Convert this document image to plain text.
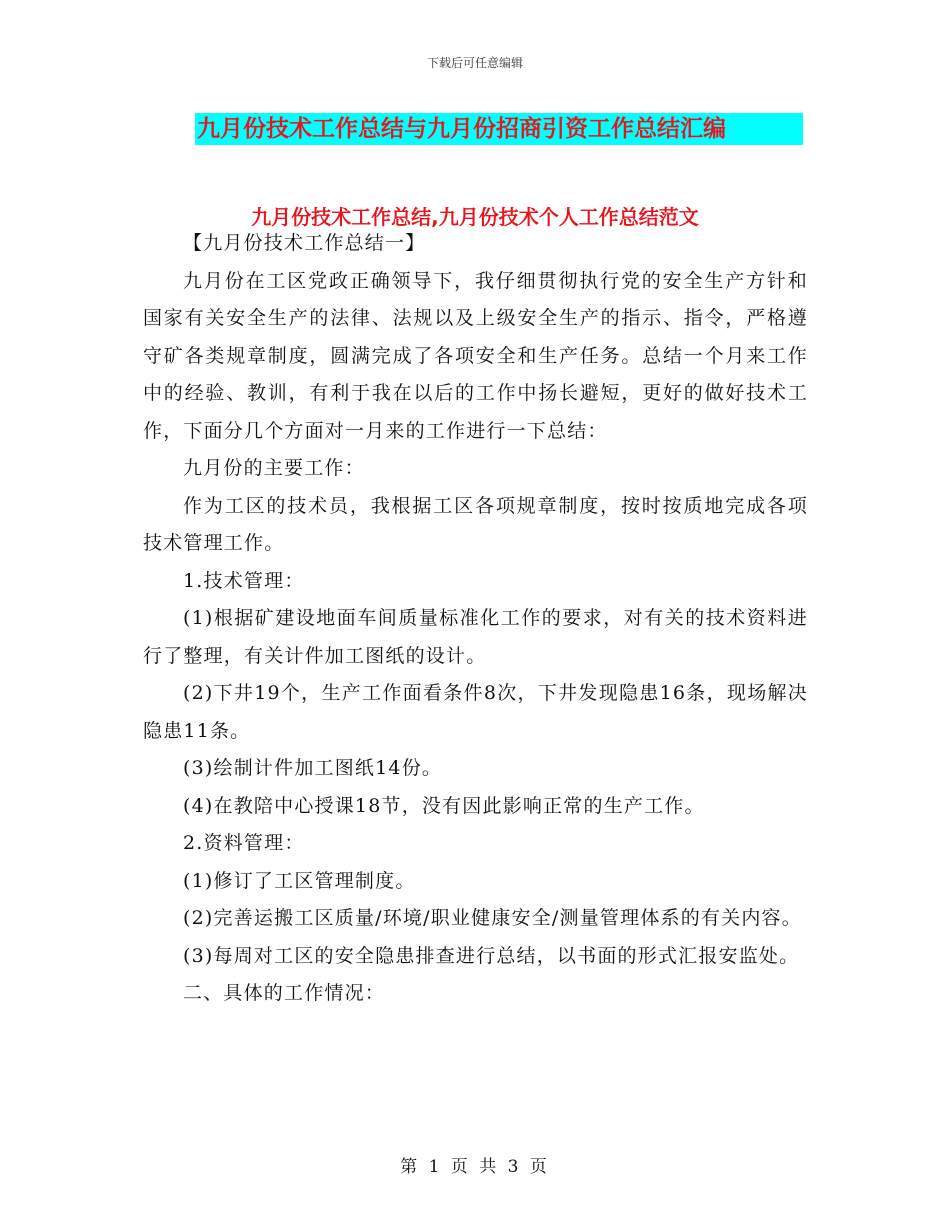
下载后可任意编辑
九月份技术工作总结与九月份招商引资工作总结汇编
九月份技术工作总结,九月份技术个人工作总结范文

【九月份技术工作总结一】

九月份在工区党政正确领导下，我仔细贯彻执行党的安全生产方针和国家有关安全生产的法律、法规以及上级安全生产的指示、指令，严格遵守矿各类规章制度，圆满完成了各项安全和生产任务。总结一个月来工作中的经验、教训，有利于我在以后的工作中扬长避短，更好的做好技术工作，下面分几个方面对一月来的工作进行一下总结：

九月份的主要工作：

作为工区的技术员，我根据工区各项规章制度，按时按质地完成各项技术管理工作。

1.技术管理：

(1)根据矿建设地面车间质量标准化工作的要求，对有关的技术资料进行了整理，有关计件加工图纸的设计。

(2)下井19个，生产工作面看条件8次，下井发现隐患16条，现场解决隐患11条。

(3)绘制计件加工图纸14份。

(4)在教陪中心授课18节，没有因此影响正常的生产工作。

2.资料管理：

(1)修订了工区管理制度。

(2)完善运搬工区质量/环境/职业健康安全/测量管理体系的有关内容。

(3)每周对工区的安全隐患排查进行总结，以书面的形式汇报安监处。

二、具体的工作情况：

第 1 页 共 3 页
